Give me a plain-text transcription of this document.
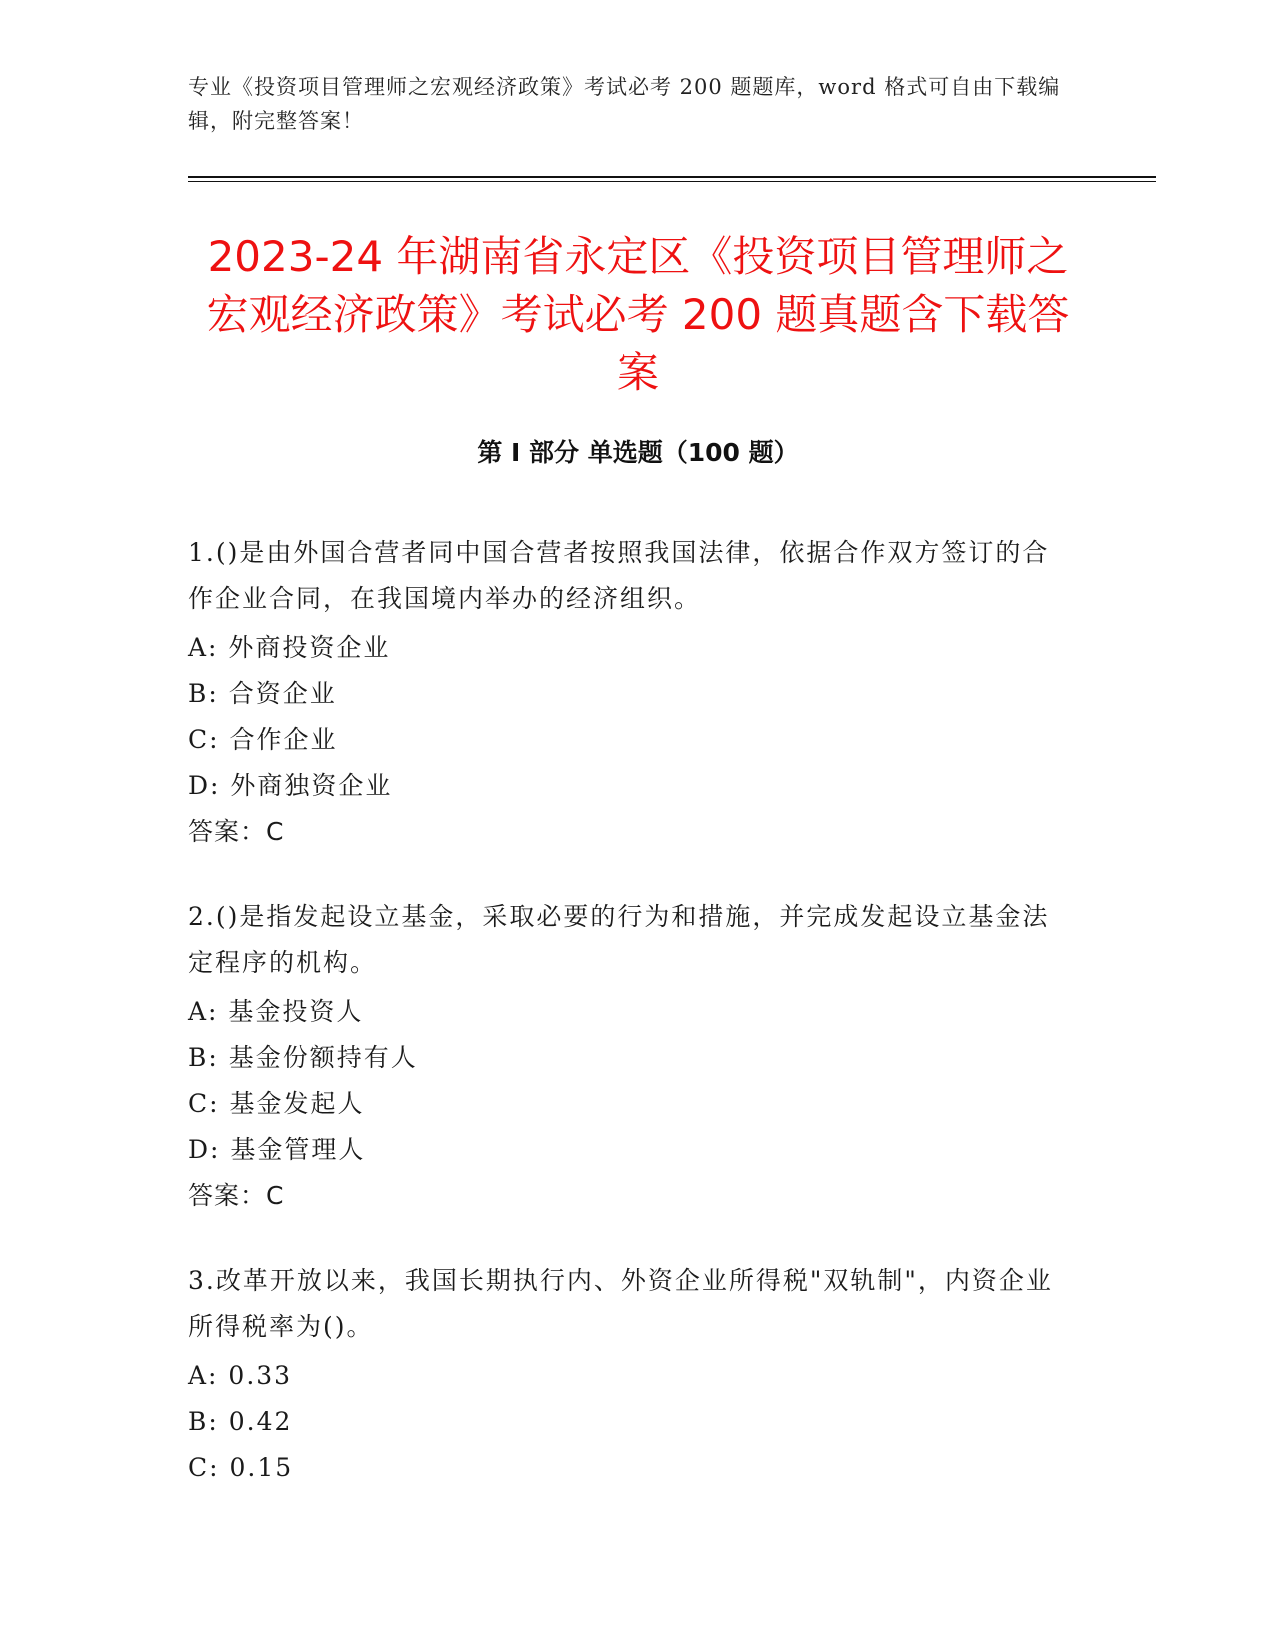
专业《投资项目管理师之宏观经济政策》考试必考 200 题题库，word 格式可自由下载编辑，附完整答案！
2023-24 年湖南省永定区《投资项目管理师之宏观经济政策》考试必考 200 题真题含下载答案
第 I 部分 单选题（100 题）
1.()是由外国合营者同中国合营者按照我国法律，依据合作双方签订的合作企业合同，在我国境内举办的经济组织。
A: 外商投资企业
B: 合资企业
C: 合作企业
D: 外商独资企业
答案：C
2.()是指发起设立基金，采取必要的行为和措施，并完成发起设立基金法定程序的机构。
A: 基金投资人
B: 基金份额持有人
C: 基金发起人
D: 基金管理人
答案：C
3.改革开放以来，我国长期执行内、外资企业所得税"双轨制"，内资企业所得税率为()。
A: 0.33
B: 0.42
C: 0.15
